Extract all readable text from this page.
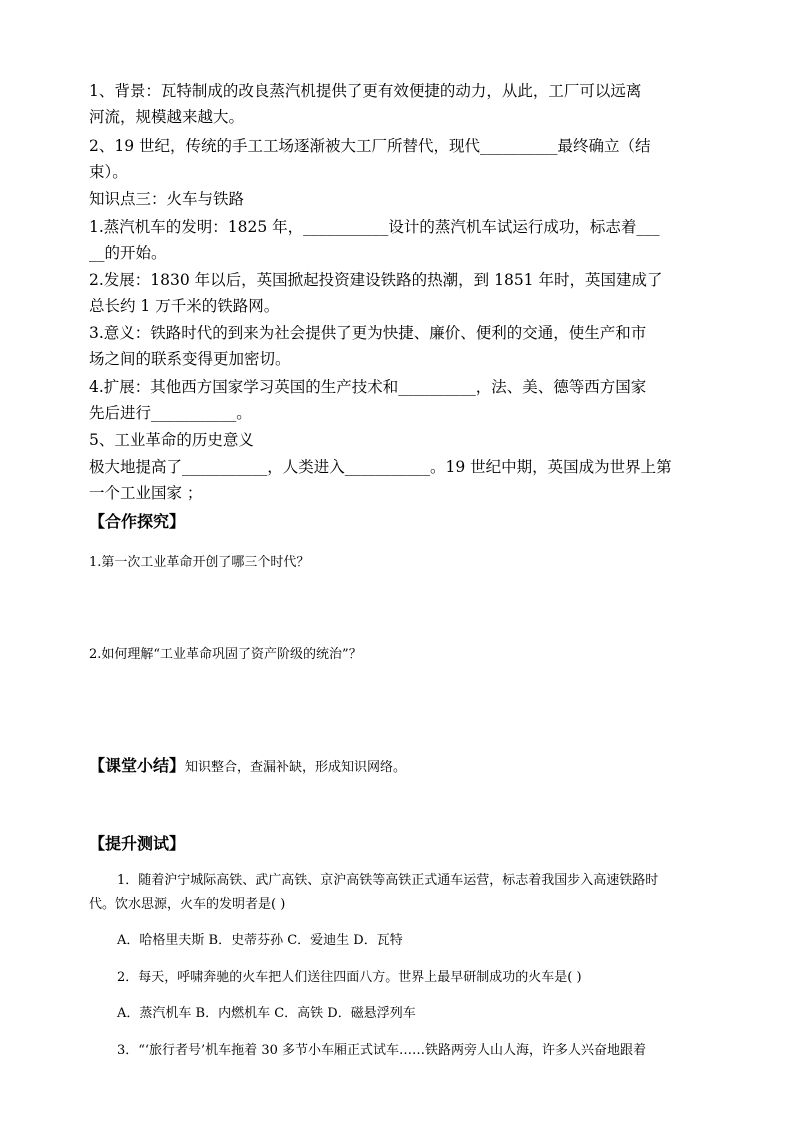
1、背景：瓦特制成的改良蒸汽机提供了更有效便捷的动力，从此，工厂可以远离
河流，规模越来越大。
2、19 世纪，传统的手工工场逐渐被大工厂所替代，现代__________最终确立（结
束）。
知识点三：火车与铁路
1.蒸汽机车的发明：1825 年，___________设计的蒸汽机车试运行成功，标志着___
__的开始。
2.发展：1830 年以后，英国掀起投资建设铁路的热潮，到 1851 年时，英国建成了
总长约 1 万千米的铁路网。
3.意义：铁路时代的到来为社会提供了更为快捷、廉价、便利的交通，使生产和市
场之间的联系变得更加密切。
4.扩展：其他西方国家学习英国的生产技术和__________，法、美、德等西方国家
先后进行___________。
5、工业革命的历史意义
极大地提高了___________，人类进入___________。19 世纪中期，英国成为世界上第
一个工业国家 ；
【合作探究】
1.第一次工业革命开创了哪三个时代？
2.如何理解“工业革命巩固了资产阶级的统治”？
【课堂小结】知识整合，查漏补缺，形成知识网络。
【提升测试】
1．随着沪宁城际高铁、武广高铁、京沪高铁等高铁正式通车运营，标志着我国步入高速铁路时
代。饮水思源，火车的发明者是( )
A．哈格里夫斯 B．史蒂芬孙 C．爱迪生 D．瓦特
2．每天，呼啸奔驰的火车把人们送往四面八方。世界上最早研制成功的火车是( )
A．蒸汽机车 B．内燃机车 C．高铁 D．磁悬浮列车
3．“‘旅行者号’机车拖着 30 多节小车厢正式试车……铁路两旁人山人海，许多人兴奋地跟着
